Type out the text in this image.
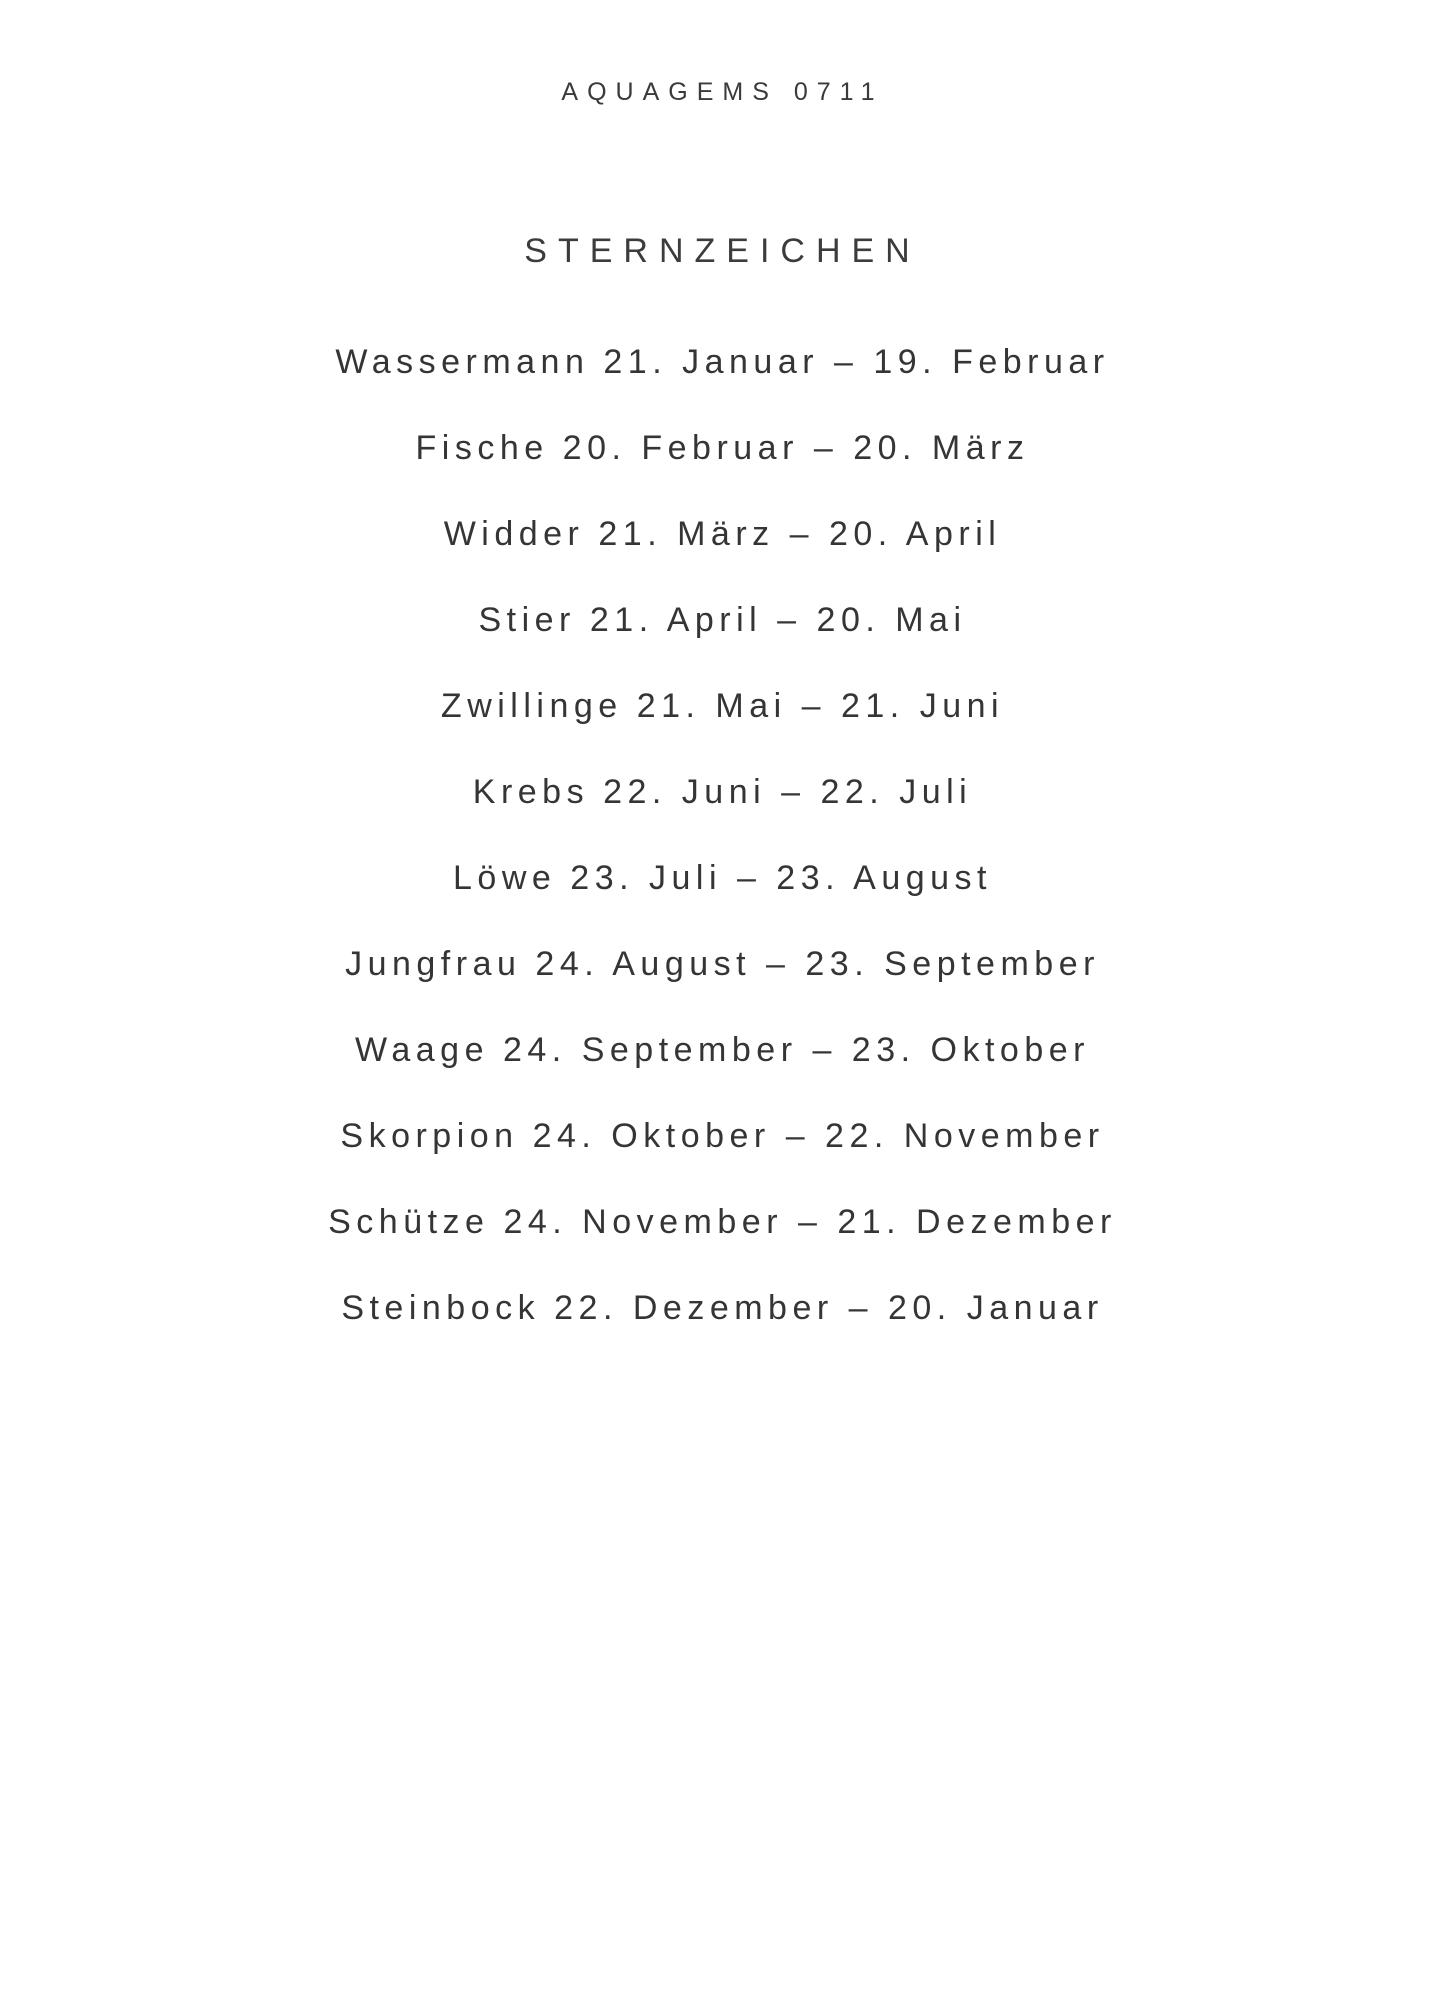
AQUAGEMS 0711
STERNZEICHEN
Wassermann 21. Januar – 19. Februar
Fische 20. Februar – 20. März
Widder 21. März – 20. April
Stier 21. April – 20. Mai
Zwillinge 21. Mai – 21. Juni
Krebs 22. Juni – 22. Juli
Löwe 23. Juli – 23. August
Jungfrau 24. August – 23. September
Waage 24. September – 23. Oktober
Skorpion 24. Oktober – 22. November
Schütze 24. November – 21. Dezember
Steinbock 22. Dezember – 20. Januar
